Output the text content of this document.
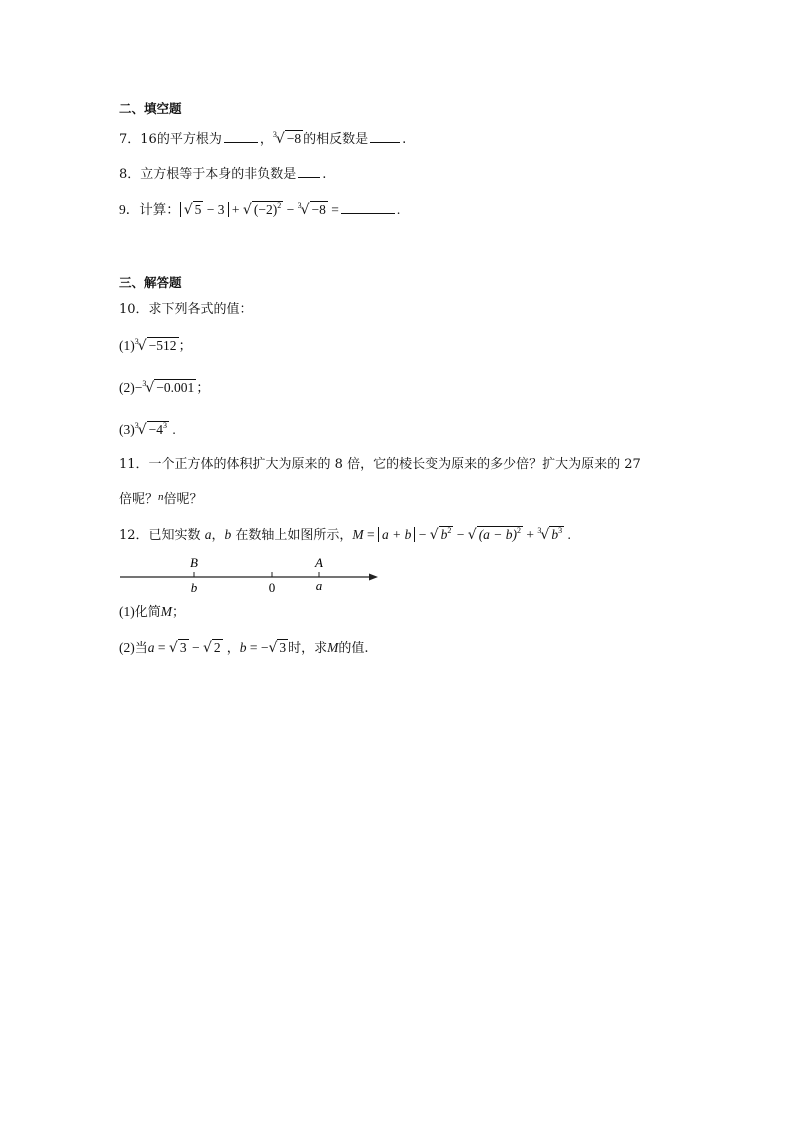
二、填空题
7．16的平方根为	，$^3$√ −8 的相反数是	.
8．立方根等于本身的非负数是 .
9．计算： √ 5 − 3 + √ $(-2)^2 - ^3√ -8$ =	.
三、解答题
10．求下列各式的值：
$(1)^3√ -512$ ；
(2)−$^3$√ −0.001 ；
$(3)^3√ -4^3$ .
11．一个正方体的体积扩大为原来的 8 倍，它的棱长变为原来的多少倍？扩大为原来的 27
倍呢？$^n$倍呢？
12．已知实数 a，b 在数轴上如图所示，M = a + b − √ $b^2$ − √ $(a - b)^2 + ^3√$ $b^3$ .
B
b	0
A
a
(1)化简M；
(2)当a = √ 3 − √ 2 ，b = −√ 3 时，求M的值.
